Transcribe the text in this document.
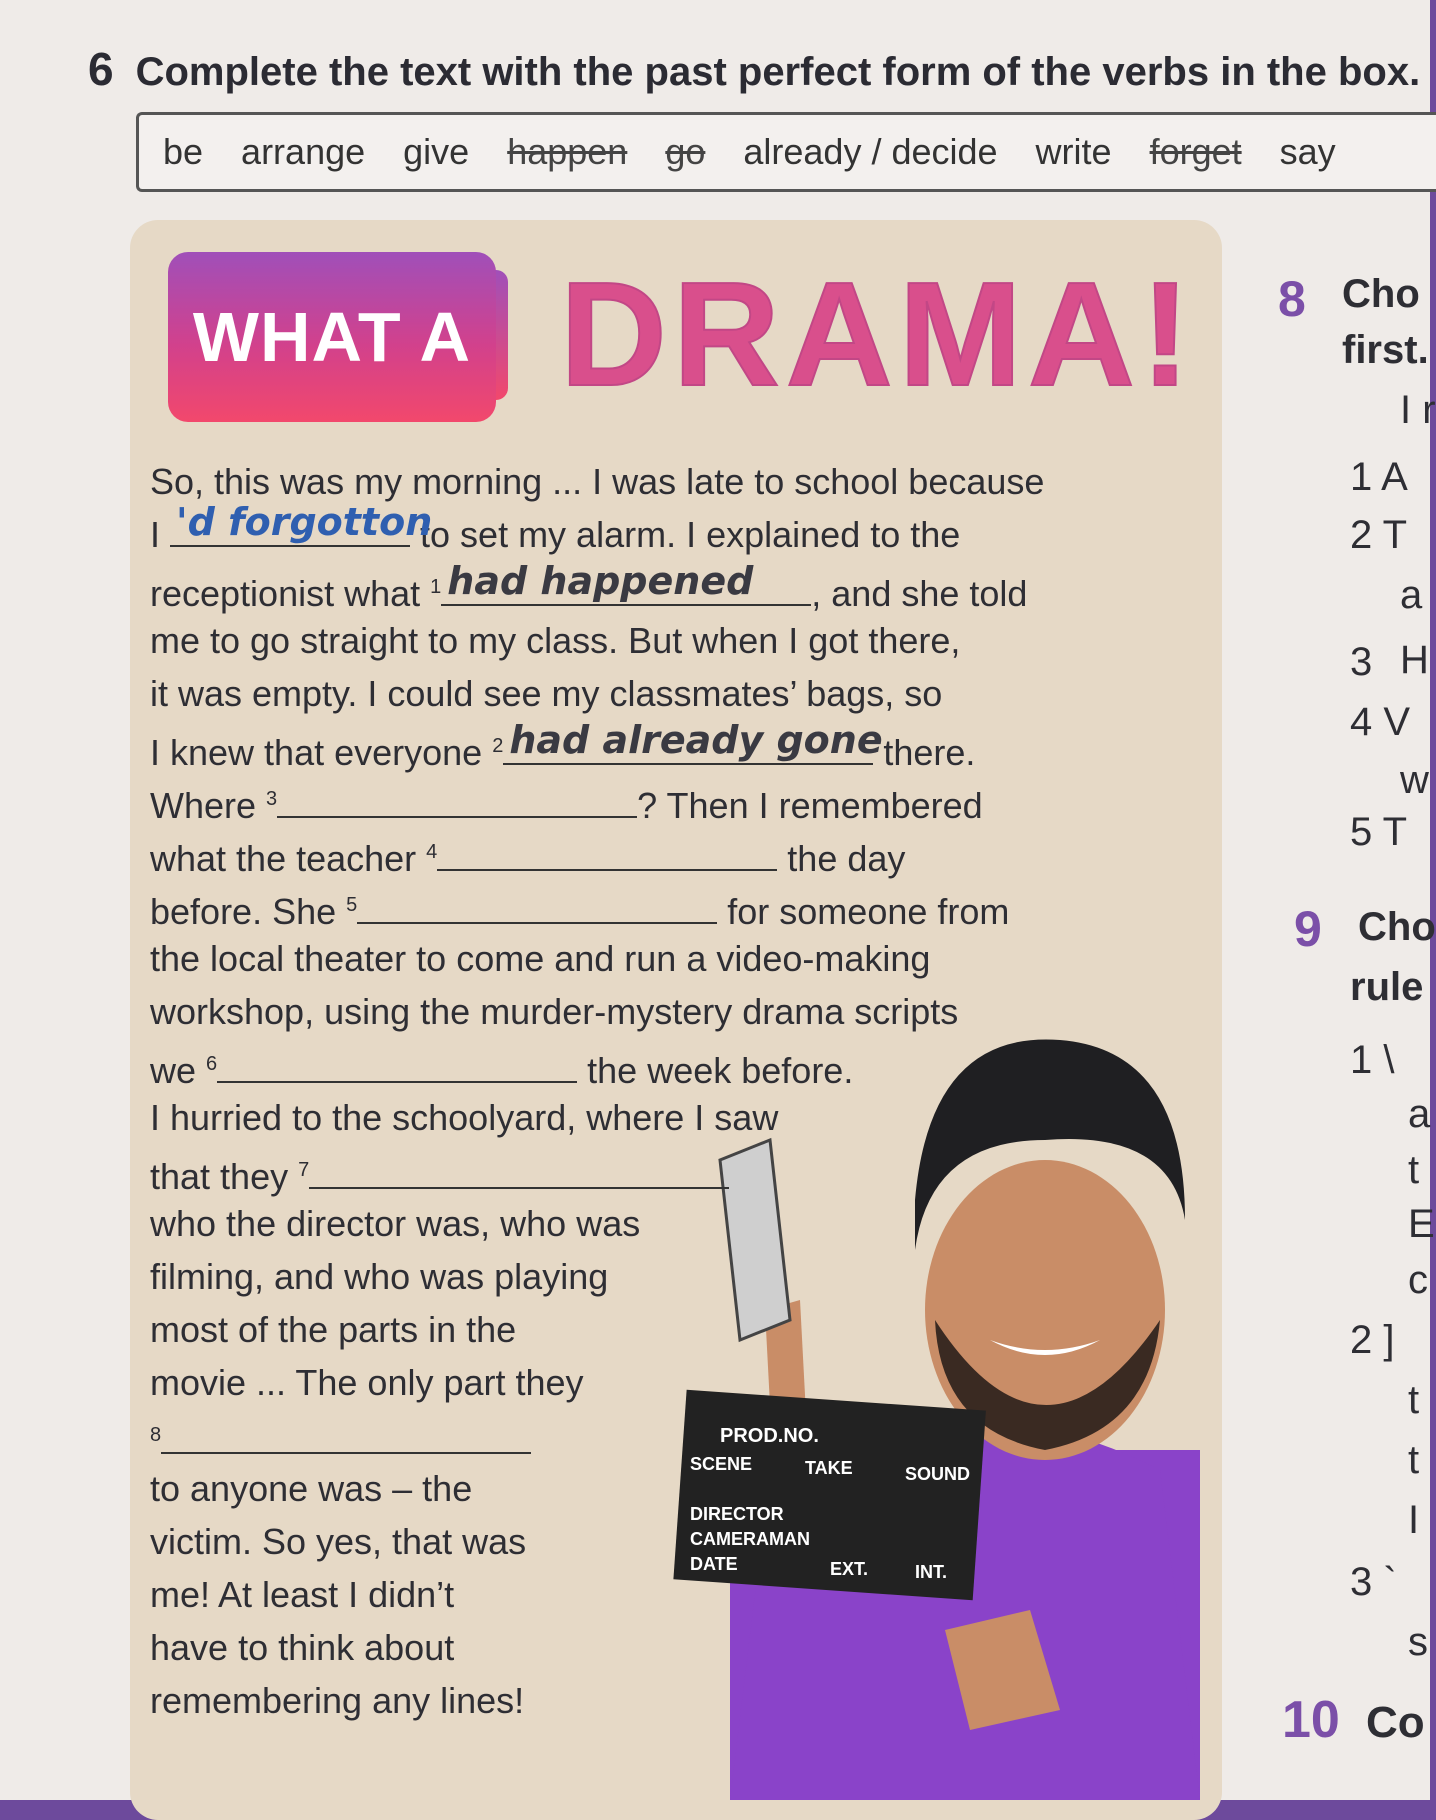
6 Complete the text with the past perfect form of the verbs in the box.
be arrange give happen go already / decide write forget say
WHAT A DRAMA!
PROD.NO.
SCENE	TAKE	SOUND
DIRECTOR
CAMERAMAN
DATE	EXT.	INT.
So, this was my morning ... I was late to school because
I 'd forgotton
to set my alarm. I explained to the
receptionist what $^1$ had happened , and she told
me to go straight to my class. But when I got there,
it was empty. I could see my classmates’ bags, so
I knew that everyone $^2$ had already gone
there.
Where $^3$	? Then I remembered
what the teacher $^4$	the day
before. She $^5$	for someone from
the local theater to come and run a video-making
workshop, using the murder-mystery drama scripts
we $^6$	the week before.
I hurried to the schoolyard, where I saw
that they $^7$
who the director was, who was
filming, and who was playing
most of the parts in the
movie ... The only part they
$^8$
to anyone was – the
victim. So yes, that was
me! At least I didn’t
have to think about
remembering any lines!
8 Cho
first.
I r
1 A
2 T
a
3 H
4 V
w
5 T
9 Cho
rule
1 \
a
t
E
c
2 ]
t
t
I
3 `
s
10 Co
